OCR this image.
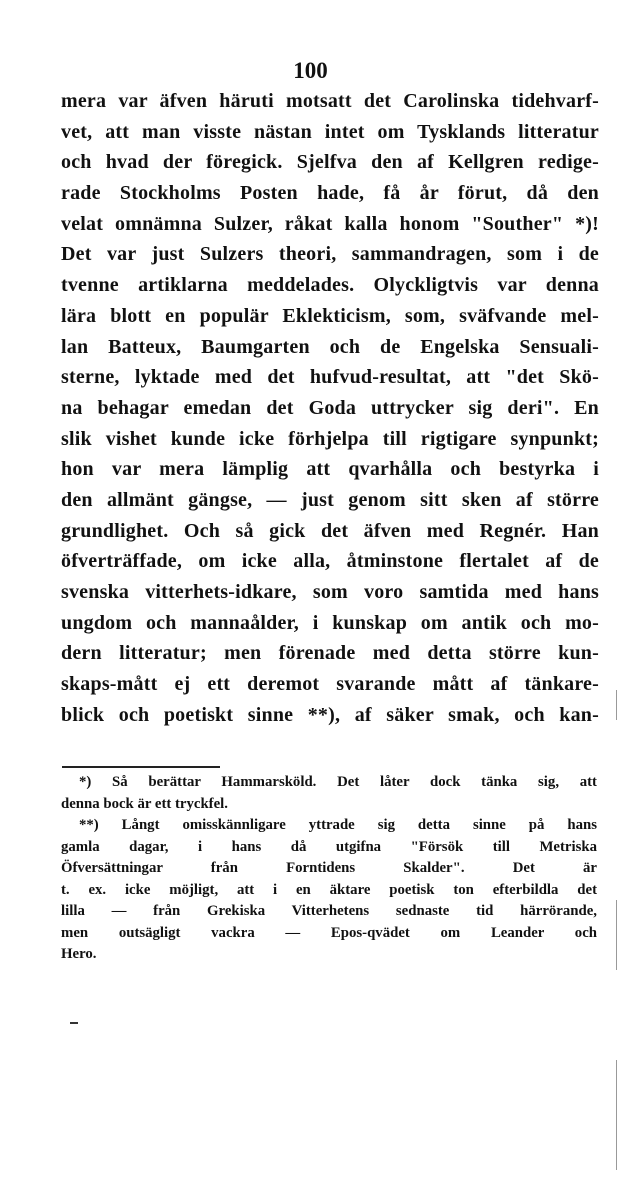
100
mera var äfven häruti motsatt det Carolinska tidehvarf-
vet, att man visste nästan intet om Tysklands litteratur
och hvad der föregick. Sjelfva den af Kellgren redige-
rade Stockholms Posten hade, få år förut, då den
velat omnämna Sulzer, råkat kalla honom "Souther" *)!
Det var just Sulzers theori, sammandragen, som i de
tvenne artiklarna meddelades. Olyckligtvis var denna
lära blott en populär Eklekticism, som, sväfvande mel-
lan Batteux, Baumgarten och de Engelska Sensuali-
sterne, lyktade med det hufvud-resultat, att "det Skö-
na behagar emedan det Goda uttrycker sig deri". En
slik vishet kunde icke förhjelpa till rigtigare synpunkt;
hon var mera lämplig att qvarhålla och bestyrka i
den allmänt gängse, — just genom sitt sken af större
grundlighet. Och så gick det äfven med Regnér. Han
öfverträffade, om icke alla, åtminstone flertalet af de
svenska vitterhets-idkare, som voro samtida med hans
ungdom och mannaålder, i kunskap om antik och mo-
dern litteratur; men förenade med detta större kun-
skaps-mått ej ett deremot svarande mått af tänkare-
blick och poetiskt sinne **), af säker smak, och kan-
*) Så berättar Hammarsköld. Det låter dock tänka sig, att
denna bock är ett tryckfel.
**) Långt omisskännligare yttrade sig detta sinne på hans
gamla dagar, i hans då utgifna "Försök till Metriska
Öfversättningar från Forntidens Skalder". Det är
t. ex. icke möjligt, att i en äktare poetisk ton efterbildla det
lilla — från Grekiska Vitterhetens sednaste tid härrörande,
men outsägligt vackra — Epos-qvädet om Leander och
Hero.
